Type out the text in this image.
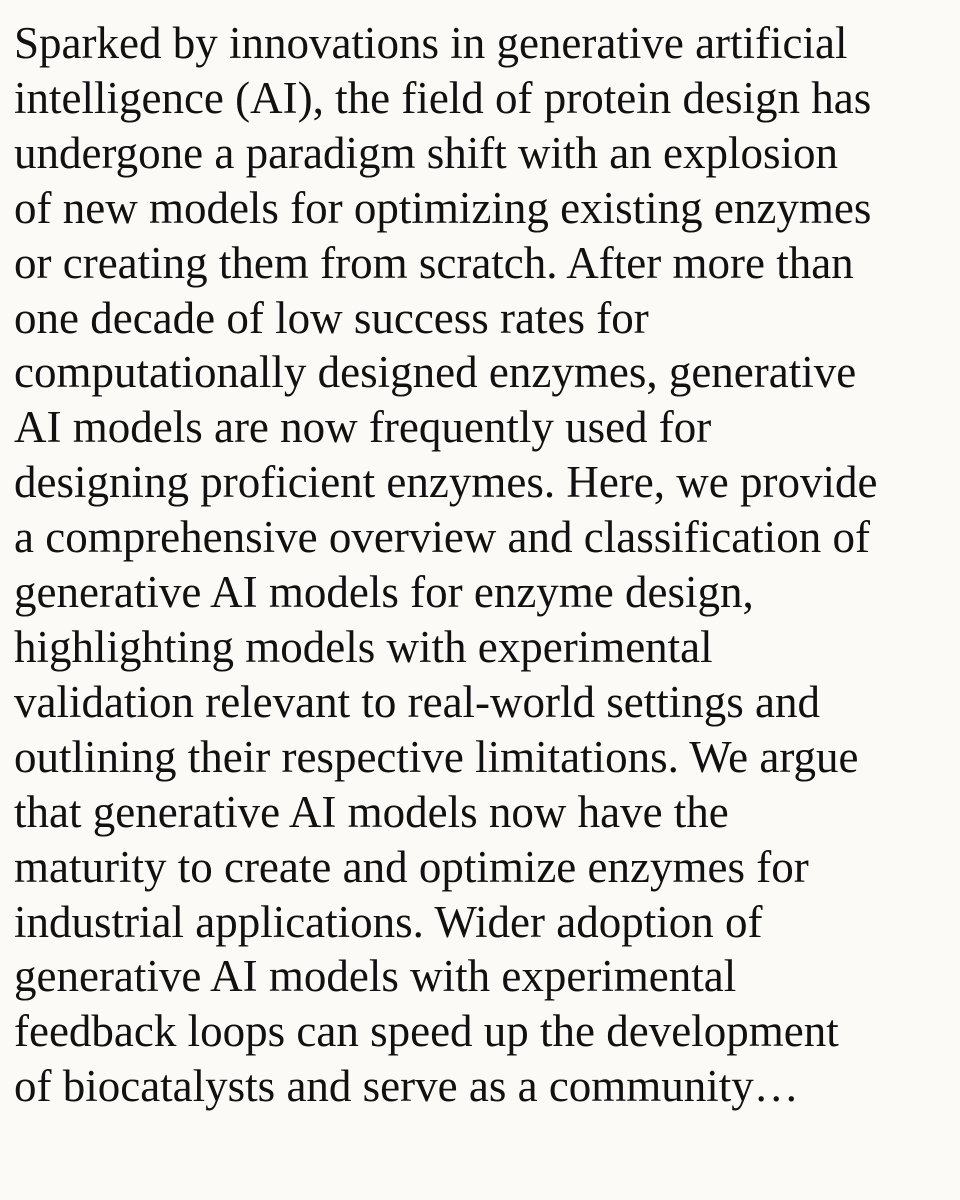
Sparked by innovations in generative artificial
intelligence (AI), the field of protein design has
undergone a paradigm shift with an explosion
of new models for optimizing existing enzymes
or creating them from scratch. After more than
one decade of low success rates for
computationally designed enzymes, generative
AI models are now frequently used for
designing proficient enzymes. Here, we provide
a comprehensive overview and classification of
generative AI models for enzyme design,
highlighting models with experimental
validation relevant to real-world settings and
outlining their respective limitations. We argue
that generative AI models now have the
maturity to create and optimize enzymes for
industrial applications. Wider adoption of
generative AI models with experimental
feedback loops can speed up the development
of biocatalysts and serve as a community…
